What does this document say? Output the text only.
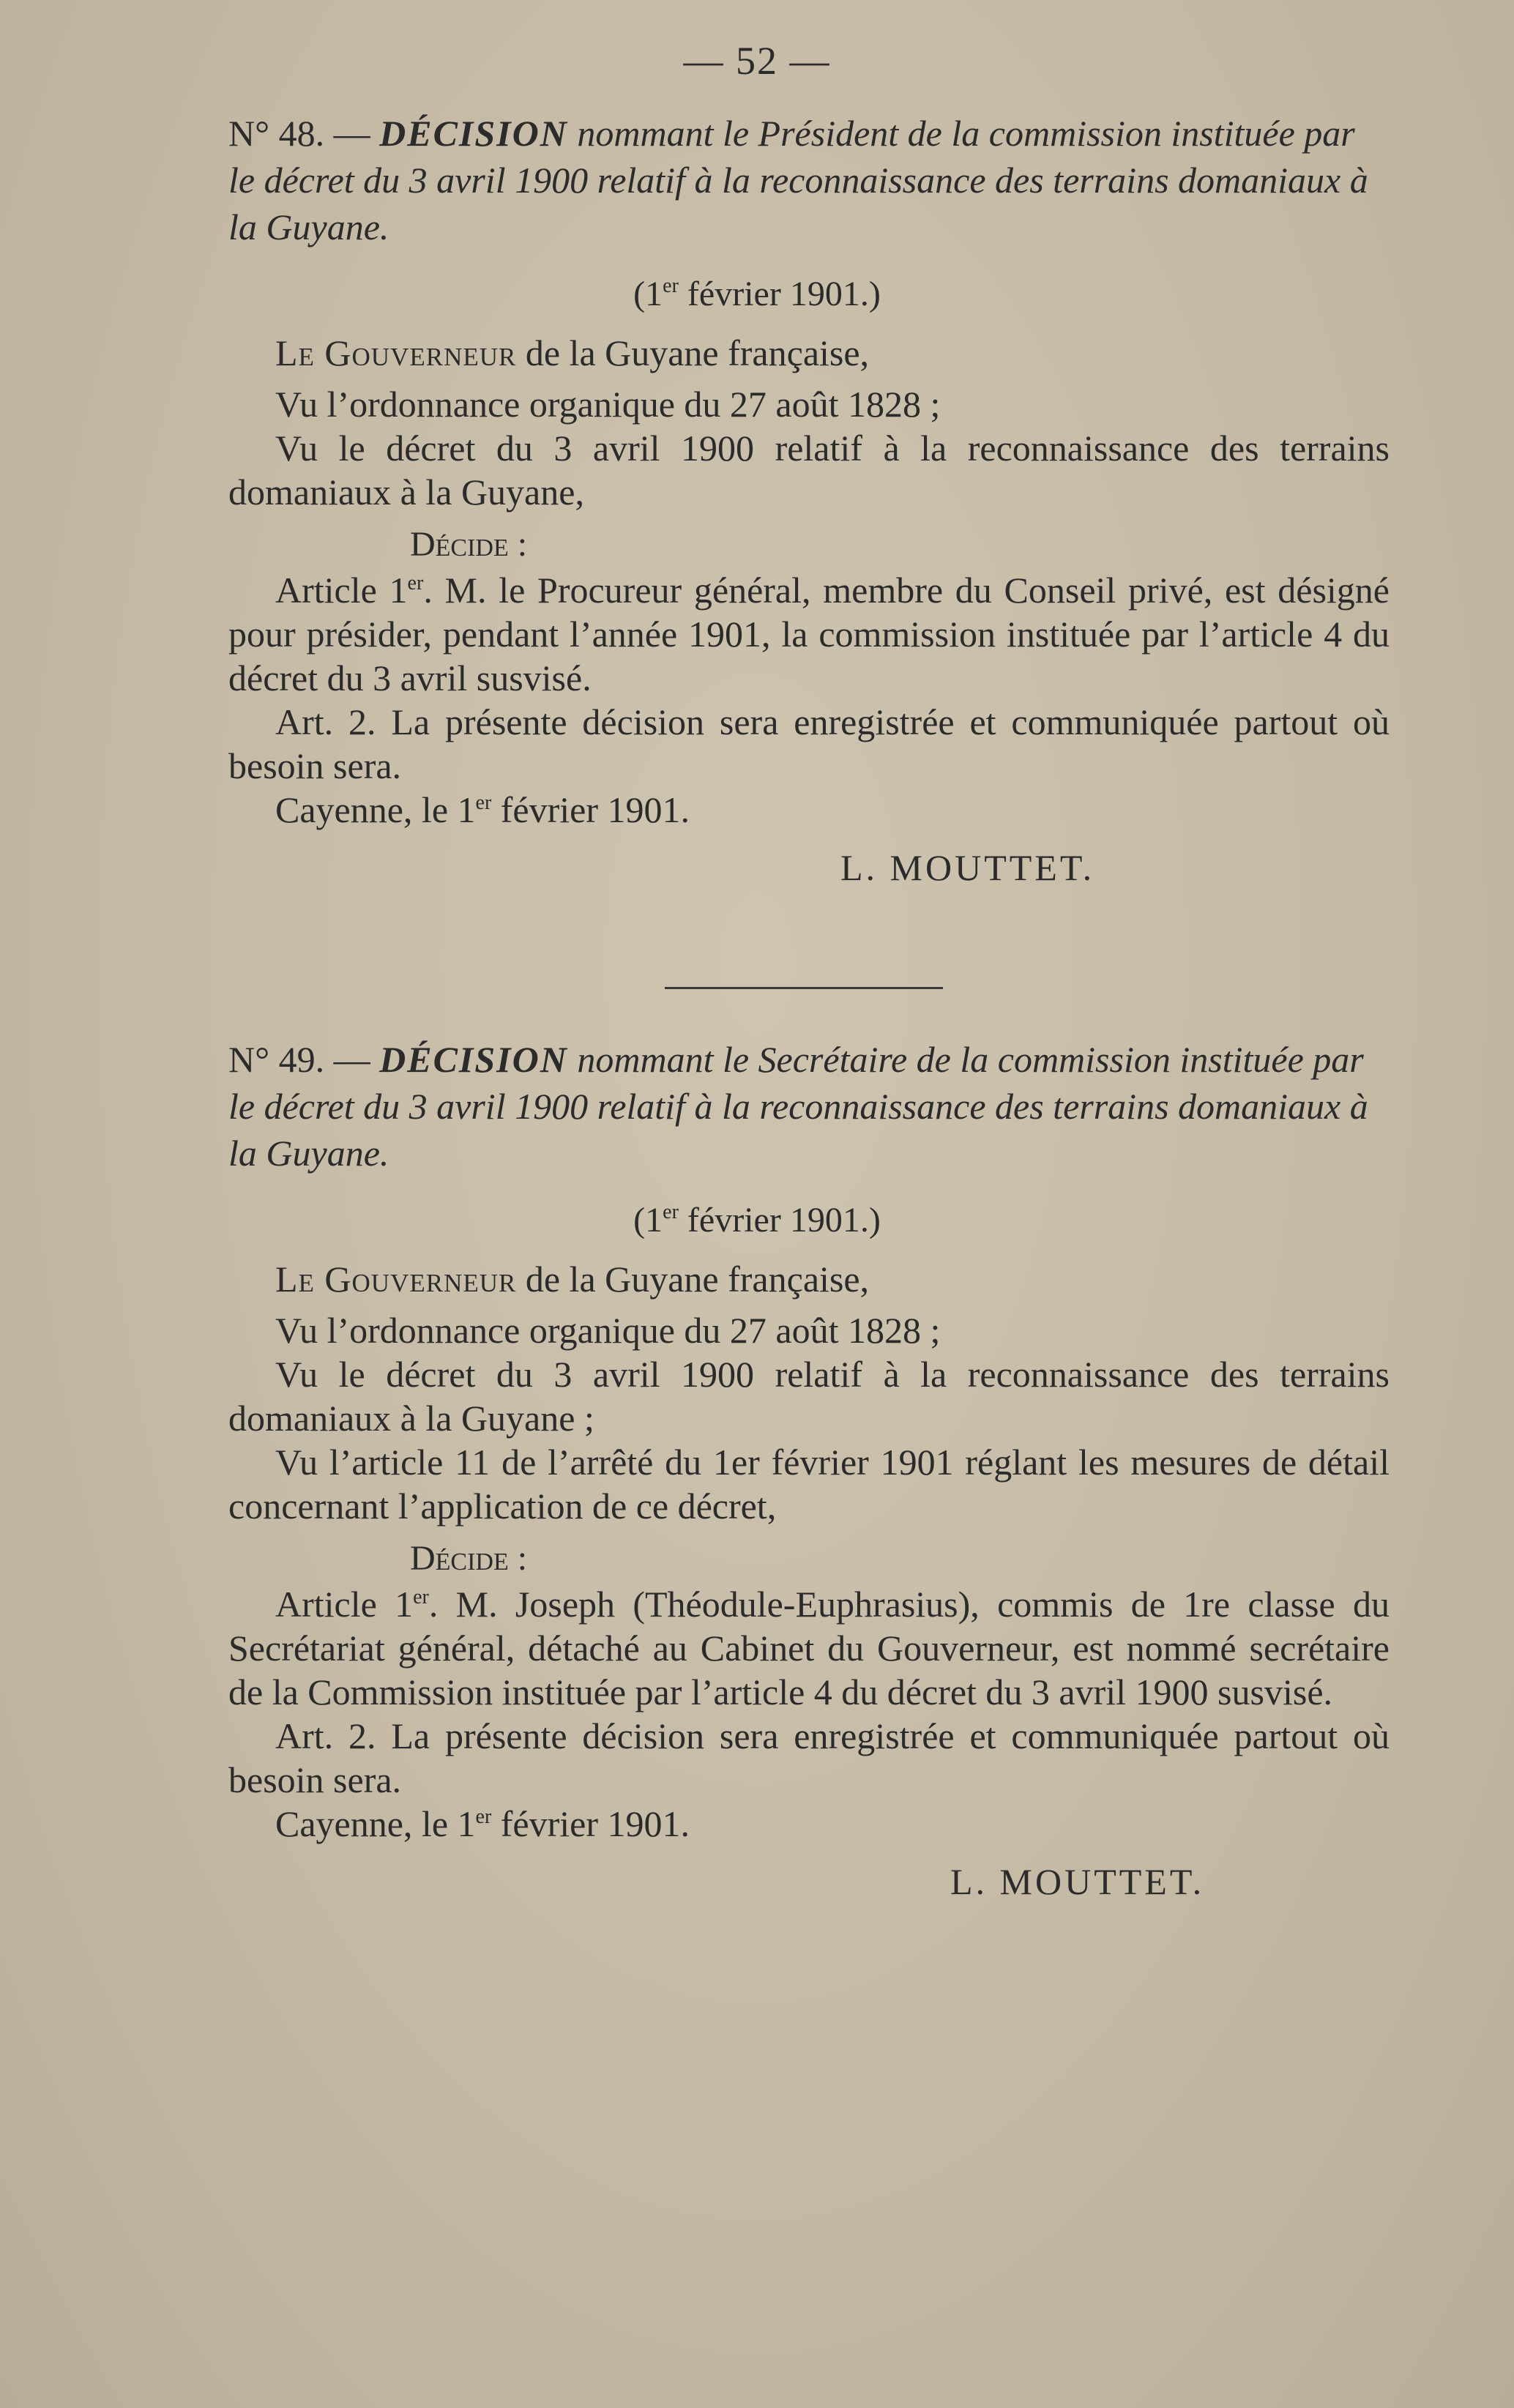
— 52 —
N° 48. — DÉCISION nommant le Président de la commission instituée par le décret du 3 avril 1900 relatif à la reconnaissance des terrains domaniaux à la Guyane.
(1er février 1901.)

Le Gouverneur de la Guyane française,

Vu l’ordonnance organique du 27 août 1828 ;

Vu le décret du 3 avril 1900 relatif à la reconnaissance des terrains domaniaux à la Guyane,

Décide :

Article 1er. M. le Procureur général, membre du Conseil privé, est désigné pour présider, pendant l’année 1901, la commission instituée par l’article 4 du décret du 3 avril susvisé.

Art. 2. La présente décision sera enregistrée et communiquée partout où besoin sera.

Cayenne, le 1er février 1901.

L. MOUTTET.
N° 49. — DÉCISION nommant le Secrétaire de la commission instituée par le décret du 3 avril 1900 relatif à la reconnaissance des terrains domaniaux à la Guyane.
(1er février 1901.)

Le Gouverneur de la Guyane française,

Vu l’ordonnance organique du 27 août 1828 ;

Vu le décret du 3 avril 1900 relatif à la reconnaissance des terrains domaniaux à la Guyane ;

Vu l’article 11 de l’arrêté du 1er février 1901 réglant les mesures de détail concernant l’application de ce décret,

Décide :

Article 1er. M. Joseph (Théodule-Euphrasius), commis de 1re classe du Secrétariat général, détaché au Cabinet du Gouverneur, est nommé secrétaire de la Commission instituée par l’article 4 du décret du 3 avril 1900 susvisé.

Art. 2. La présente décision sera enregistrée et communiquée partout où besoin sera.

Cayenne, le 1er février 1901.

L. MOUTTET.
